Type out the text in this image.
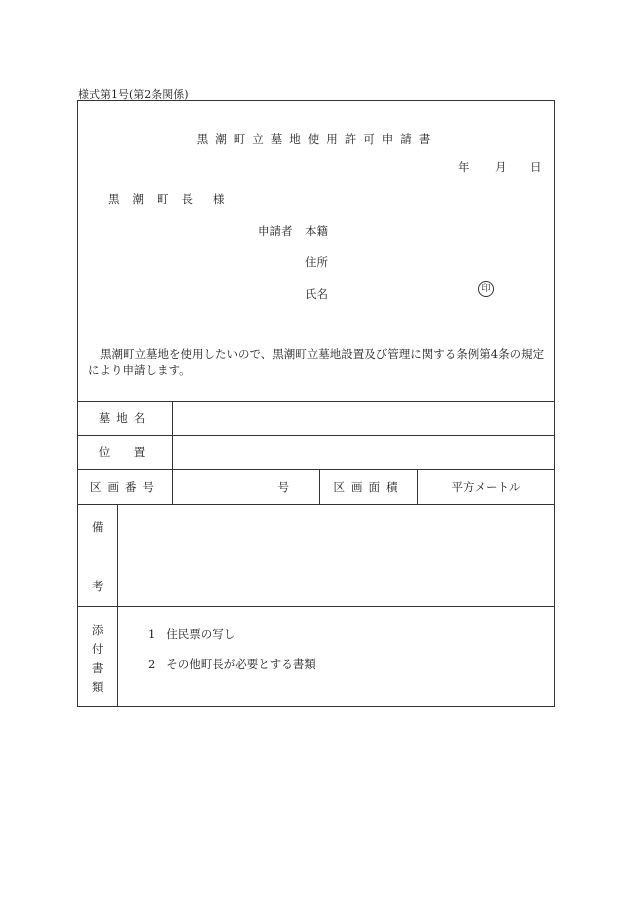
様式第1号(第2条関係)
黒潮町立墓地使用許可申請書
年 月 日
黒潮町長 様
申請者 本籍
住所
氏名	印
黒潮町立墓地を使用したいので、黒潮町立墓地設置及び管理に関する条例第4条の規定により申請します。
墓地名
位　置
区画番号	号	区画面積	平方メートル
備
考
添付書類
1 住民票の写し
2 その他町長が必要とする書類
